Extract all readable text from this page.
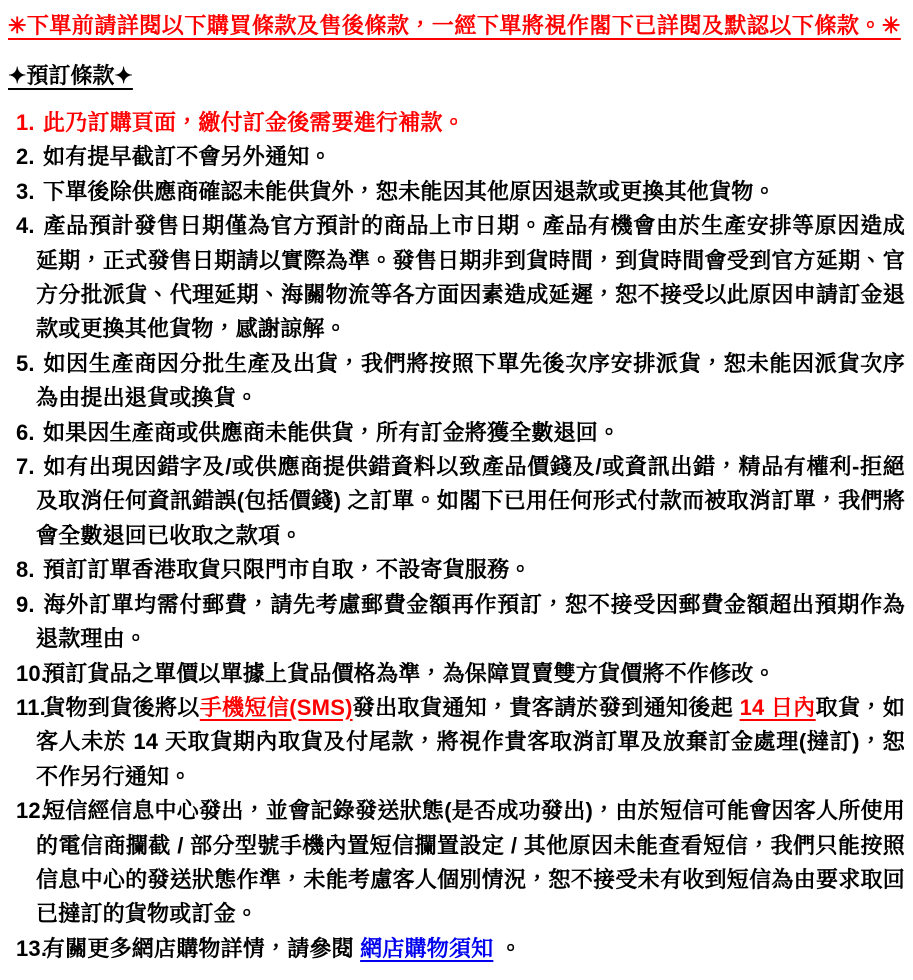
✳下單前請詳閱以下購買條款及售後條款，一經下單將視作閣下已詳閱及默認以下條款。✳

✦預訂條款✦

1. 此乃訂購頁面，繳付訂金後需要進行補款。

2. 如有提早截訂不會另外通知。

3. 下單後除供應商確認未能供貨外，恕未能因其他原因退款或更換其他貨物。

4. 產品預計發售日期僅為官方預計的商品上市日期。產品有機會由於生產安排等原因造成延期，正式發售日期請以實際為準。發售日期非到貨時間，到貨時間會受到官方延期、官方分批派貨、代理延期、海關物流等各方面因素造成延遲，恕不接受以此原因申請訂金退款或更換其他貨物，感謝諒解。

5. 如因生產商因分批生產及出貨，我們將按照下單先後次序安排派貨，恕未能因派貨次序為由提出退貨或換貨。

6. 如果因生產商或供應商未能供貨，所有訂金將獲全數退回。

7. 如有出現因錯字及/或供應商提供錯資料以致產品價錢及/或資訊出錯，精品有權利-拒絕及取消任何資訊錯誤(包括價錢) 之訂單。如閣下已用任何形式付款而被取消訂單，我們將會全數退回已收取之款項。

8. 預訂訂單香港取貨只限門市自取，不設寄貨服務。

9. 海外訂單均需付郵費，請先考慮郵費金額再作預訂，恕不接受因郵費金額超出預期作為退款理由。

10.預訂貨品之單價以單據上貨品價格為準，為保障買賣雙方貨價將不作修改。

11.貨物到貨後將以手機短信(SMS)發出取貨通知，貴客請於發到通知後起 14 日內取貨，如客人未於 14 天取貨期內取貨及付尾款，將視作貴客取消訂單及放棄訂金處理(撻訂)，恕不作另行通知。

12.短信經信息中心發出，並會記錄發送狀態(是否成功發出)，由於短信可能會因客人所使用的電信商攔截 / 部分型號手機內置短信攔置設定 / 其他原因未能查看短信，我們只能按照信息中心的發送狀態作準，未能考慮客人個別情況，恕不接受未有收到短信為由要求取回已撻訂的貨物或訂金。

13.有關更多網店購物詳情，請參閱 網店購物須知 。
